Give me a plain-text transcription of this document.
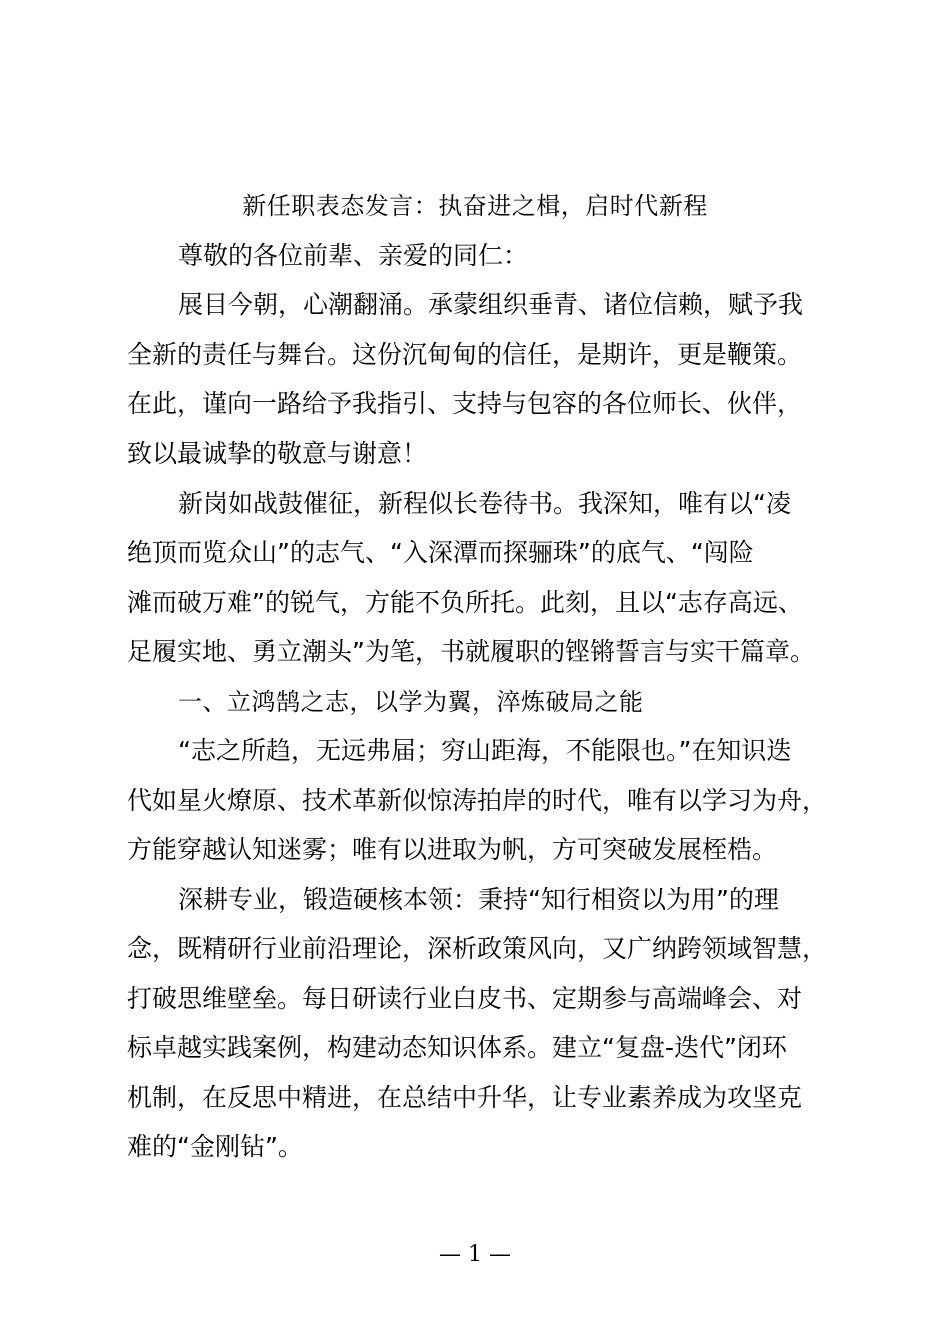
新任职表态发言：执奋进之楫，启时代新程

尊敬的各位前辈、亲爱的同仁：

展目今朝，心潮翻涌。承蒙组织垂青、诸位信赖，赋予我

全新的责任与舞台。这份沉甸甸的信任，是期许，更是鞭策。

在此，谨向一路给予我指引、支持与包容的各位师长、伙伴，

致以最诚挚的敬意与谢意！

新岗如战鼓催征，新程似长卷待书。我深知，唯有以“凌

绝顶而览众山”的志气、“入深潭而探骊珠”的底气、“闯险

滩而破万难”的锐气，方能不负所托。此刻，且以“志存高远、

足履实地、勇立潮头”为笔，书就履职的铿锵誓言与实干篇章。

一、立鸿鹄之志，以学为翼，淬炼破局之能

“志之所趋，无远弗届；穷山距海，不能限也。”在知识迭

代如星火燎原、技术革新似惊涛拍岸的时代，唯有以学习为舟，

方能穿越认知迷雾；唯有以进取为帆，方可突破发展桎梏。

深耕专业，锻造硬核本领：秉持“知行相资以为用”的理

念，既精研行业前沿理论，深析政策风向，又广纳跨领域智慧，

打破思维壁垒。每日研读行业白皮书、定期参与高端峰会、对

标卓越实践案例，构建动态知识体系。建立“复盘-迭代”闭环

机制，在反思中精进，在总结中升华，让专业素养成为攻坚克

难的“金刚钻”。

— 1 —
